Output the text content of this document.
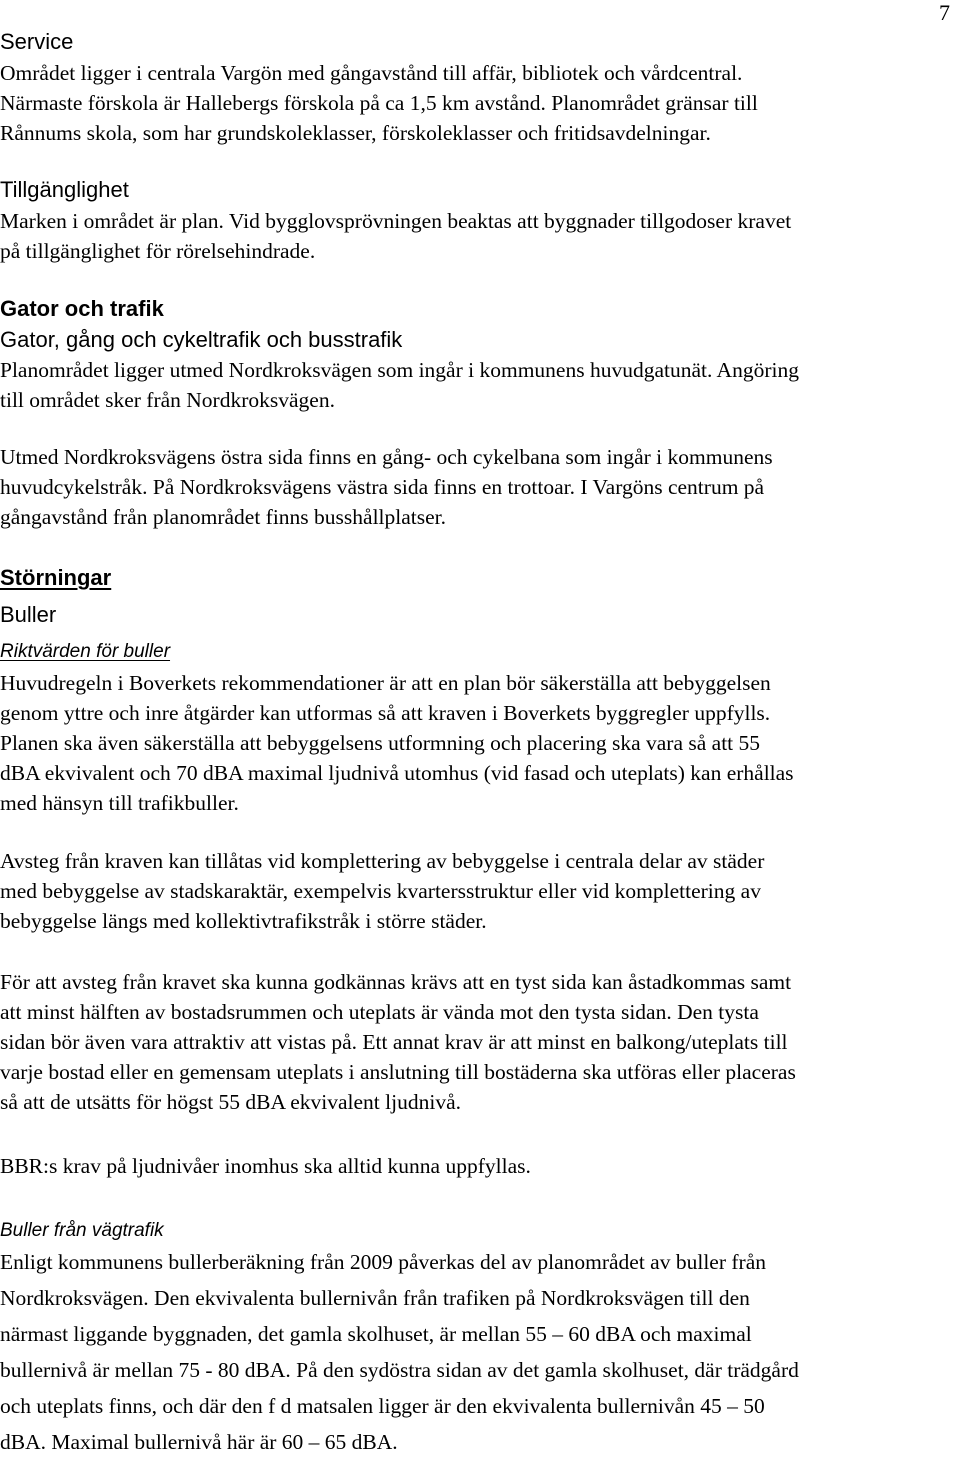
7
Service
Området ligger i centrala Vargön med gångavstånd till affär, bibliotek och vårdcentral.
Närmaste förskola är Hallebergs förskola på ca 1,5 km avstånd. Planområdet gränsar till
Rånnums skola, som har grundskoleklasser, förskoleklasser och fritidsavdelningar.
Tillgänglighet
Marken i området är plan. Vid bygglovsprövningen beaktas att byggnader tillgodoser kravet
på tillgänglighet för rörelsehindrade.
Gator och trafik
Gator, gång och cykeltrafik och busstrafik
Planområdet ligger utmed Nordkroksvägen som ingår i kommunens huvudgatunät. Angöring
till området sker från Nordkroksvägen.
Utmed Nordkroksvägens östra sida finns en gång- och cykelbana som ingår i kommunens
huvudcykelstråk. På Nordkroksvägens västra sida finns en trottoar. I Vargöns centrum på
gångavstånd från planområdet finns busshållplatser.
Störningar
Buller
Riktvärden för buller
Huvudregeln i Boverkets rekommendationer är att en plan bör säkerställa att bebyggelsen
genom yttre och inre åtgärder kan utformas så att kraven i Boverkets byggregler uppfylls.
Planen ska även säkerställa att bebyggelsens utformning och placering ska vara så att 55
dBA ekvivalent och 70 dBA maximal ljudnivå utomhus (vid fasad och uteplats) kan erhållas
med hänsyn till trafikbuller.
Avsteg från kraven kan tillåtas vid komplettering av bebyggelse i centrala delar av städer
med bebyggelse av stadskaraktär, exempelvis kvartersstruktur eller vid komplettering av
bebyggelse längs med kollektivtrafikstråk i större städer.
För att avsteg från kravet ska kunna godkännas krävs att en tyst sida kan åstadkommas samt
att minst hälften av bostadsrummen och uteplats är vända mot den tysta sidan. Den tysta
sidan bör även vara attraktiv att vistas på. Ett annat krav är att minst en balkong/uteplats till
varje bostad eller en gemensam uteplats i anslutning till bostäderna ska utföras eller placeras
så att de utsätts för högst 55 dBA ekvivalent ljudnivå.
BBR:s krav på ljudnivåer inomhus ska alltid kunna uppfyllas.
Buller från vägtrafik
Enligt kommunens bullerberäkning från 2009 påverkas del av planområdet av buller från
Nordkroksvägen. Den ekvivalenta bullernivån från trafiken på Nordkroksvägen till den
närmast liggande byggnaden, det gamla skolhuset, är mellan 55 – 60 dBA och maximal
bullernivå är mellan 75 - 80 dBA. På den sydöstra sidan av det gamla skolhuset, där trädgård
och uteplats finns, och där den f d matsalen ligger är den ekvivalenta bullernivån 45 – 50
dBA. Maximal bullernivå här är 60 – 65 dBA.
